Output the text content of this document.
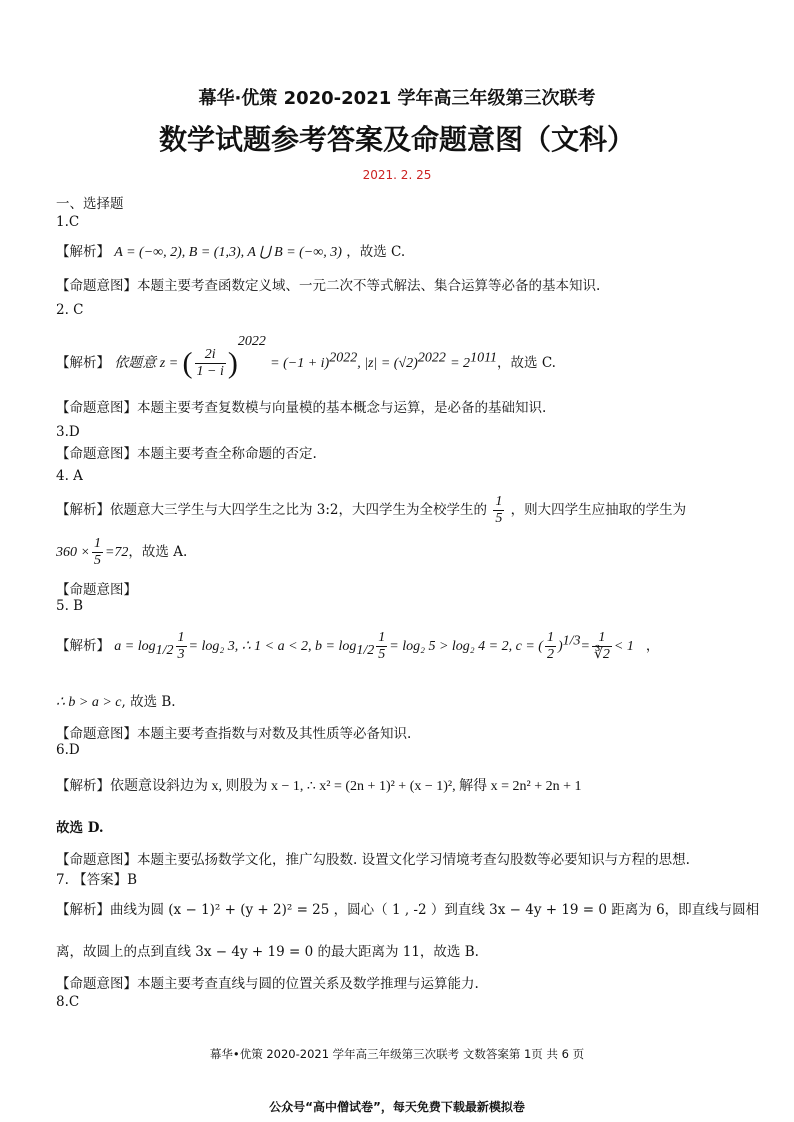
幕华·优策 2020-2021 学年高三年级第三次联考
数学试题参考答案及命题意图（文科）
2021. 2. 25
一、选择题
1.C
【解析】 A = (−∞, 2), B = (1,3), A ⋃ B = (−∞, 3) ，故选 C.
【命题意图】本题主要考查函数定义域、一元二次不等式解法、集合运算等必备的基本知识.
2. C
【解析】 依题意 z = ( $\frac{2i}{1 - i} )^{2022} = (-1 + i)^{2022}$, $|z| = (√2)^{2022} = 2^{1011}$，故选 C.
【命题意图】本题主要考查复数模与向量模的基本概念与运算，是必备的基础知识.
3.D
【命题意图】本题主要考查全称命题的否定.
4. A
【解析】依题意大三学生与大四学生之比为 3:2，大四学生为全校学生的 $\frac{1}{5}$ ，则大四学生应抽取的学生为
$360 \times \frac{1}{5} =72$，故选 A.
【命题意图】
5. B
【解析】 $a = \log_{1/2} \frac{1}{3} = \log_2$ 3, ∴ 1 < a < 2, $b = \log_{1/2} \frac{1}{5} = \log_2$ 5 > log₂ 4 = 2, c = ( $\frac{1}{2} )^{1/3}= \frac{1}{∛2} < 1$ ，
∴ b > a > c, 故选 B.
【命题意图】本题主要考查指数与对数及其性质等必备知识.
6.D
【解析】依题意设斜边为 x, 则股为 x − 1, ∴ x² = (2n + 1)² + (x − 1)², 解得 x = 2n² + 2n + 1
故选 D.
【命题意图】本题主要弘扬数学文化，推广勾股数. 设置文化学习情境考查勾股数等必要知识与方程的思想.
7. 【答案】B
【解析】曲线为圆 (x − 1)² + (y + 2)² = 25 ，圆心（ 1 , -2 ）到直线 3x − 4y + 19 = 0 距离为 6，即直线与圆相
离，故圆上的点到直线 3x − 4y + 19 = 0 的最大距离为 11，故选 B.
【命题意图】本题主要考查直线与圆的位置关系及数学推理与运算能力.
8.C
幕华•优策 2020-2021 学年高三年级第三次联考 文数答案第 1页 共 6 页
公众号“高中僧试卷”，每天免费下载最新模拟卷
